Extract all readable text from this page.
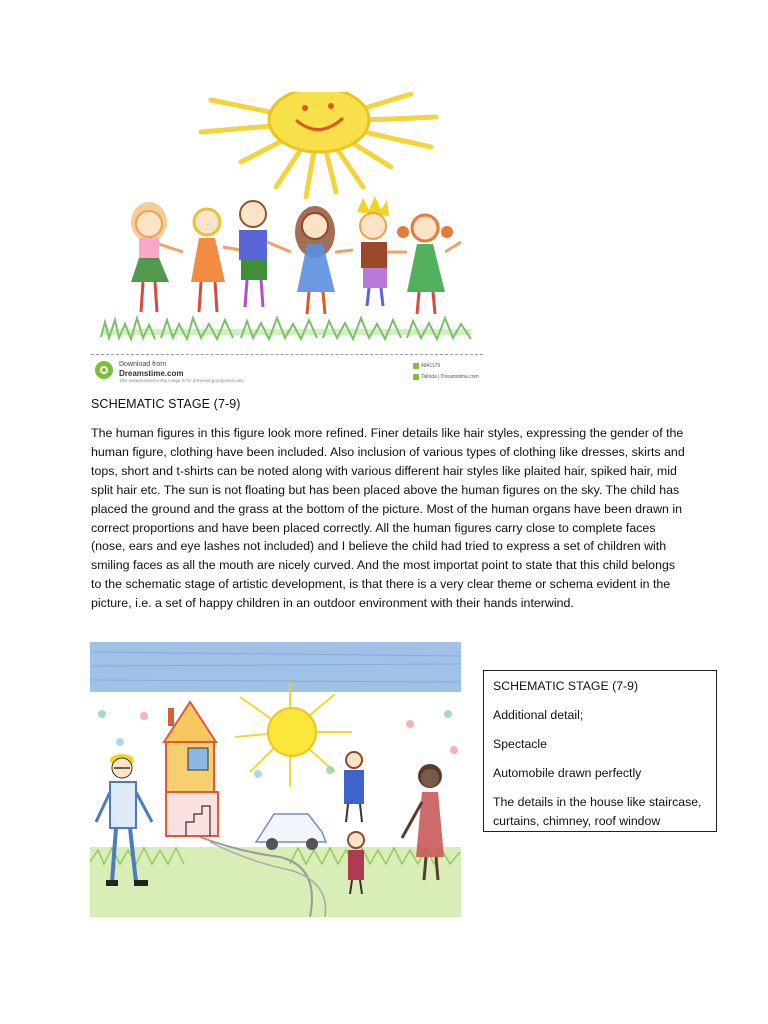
Download from
Dreamstime.com
This watermarked comp image is for previewing purposes only.
4941179
Talloda | Dreamstime.com
SCHEMATIC STAGE (7-9)

The human figures in this figure look more refined. Finer details like hair styles, expressing the gender of the human figure, clothing have been included. Also inclusion of various types of clothing like dresses, skirts and tops, short and t-shirts can be noted along with various different hair styles like plaited hair, spiked hair, mid split hair etc. The sun is not floating but has been placed above the human figures on the sky. The child has placed the ground and the grass at the bottom of the picture. Most of the human organs have been drawn in correct proportions and have been placed correctly. All the human figures carry close to complete faces (nose, ears and eye lashes not included) and I believe the child had tried to express a set of children with smiling faces as all the mouth are nicely curved. And the most importat point to state that this child belongs to the schematic stage of artistic development, is that there is a very clear theme or schema evident in the picture, i.e. a set of happy children in an outdoor environment with their hands interwind.

SCHEMATIC STAGE (7-9)

Additional detail;

Spectacle

Automobile drawn perfectly

The details in the house like staircase, curtains, chimney, roof window
